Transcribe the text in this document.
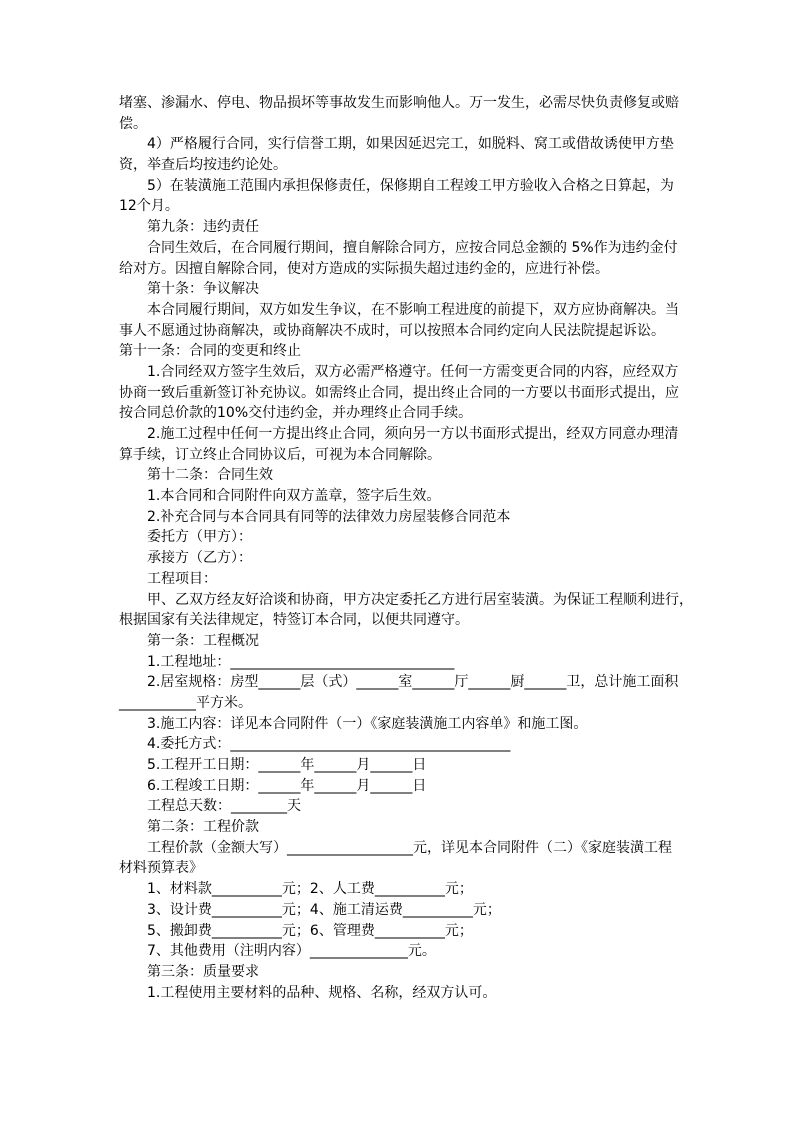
堵塞、渗漏水、停电、物品损坏等事故发生而影响他人。万一发生，必需尽快负责修复或赔
偿。
4）严格履行合同，实行信誉工期，如果因延迟完工，如脱料、窝工或借故诱使甲方垫
资，举查后均按违约论处。
5）在装潢施工范围内承担保修责任，保修期自工程竣工甲方验收入合格之日算起，为
12个月。
第九条：违约责任
合同生效后，在合同履行期间，擅自解除合同方，应按合同总金额的 5%作为违约金付
给对方。因擅自解除合同，使对方造成的实际损失超过违约金的，应进行补偿。
第十条：争议解决
本合同履行期间，双方如发生争议，在不影响工程进度的前提下，双方应协商解决。当
事人不愿通过协商解决，或协商解决不成时，可以按照本合同约定向人民法院提起诉讼。
第十一条：合同的变更和终止
1.合同经双方签字生效后，双方必需严格遵守。任何一方需变更合同的内容，应经双方
协商一致后重新签订补充协议。如需终止合同，提出终止合同的一方要以书面形式提出，应
按合同总价款的10%交付违约金，并办理终止合同手续。
2.施工过程中任何一方提出终止合同，须向另一方以书面形式提出，经双方同意办理清
算手续，订立终止合同协议后，可视为本合同解除。
第十二条：合同生效
1.本合同和合同附件向双方盖章，签字后生效。
2.补充合同与本合同具有同等的法律效力房屋装修合同范本
委托方（甲方）：
承接方（乙方）：
工程项目：
甲、乙双方经友好洽谈和协商，甲方决定委托乙方进行居室装潢。为保证工程顺利进行，
根据国家有关法律规定，特签订本合同，以便共同遵守。
第一条：工程概况
1.工程地址：________________________________
2.居室规格：房型______层（式）______室______厅______厨______卫，总计施工面积
___________平方米。
3.施工内容：详见本合同附件（一）《家庭装潢施工内容单》和施工图。
4.委托方式：________________________________________
5.工程开工日期：______年______月______日
6.工程竣工日期：______年______月______日
工程总天数：________天
第二条：工程价款
工程价款（金额大写）__________________元，详见本合同附件（二）《家庭装潢工程
材料预算表》
1、材料款__________元；2、人工费__________元；
3、设计费__________元；4、施工清运费__________元；
5、搬卸费__________元；6、管理费__________元；
7、其他费用（注明内容）______________元。
第三条：质量要求
1.工程使用主要材料的品种、规格、名称，经双方认可。
